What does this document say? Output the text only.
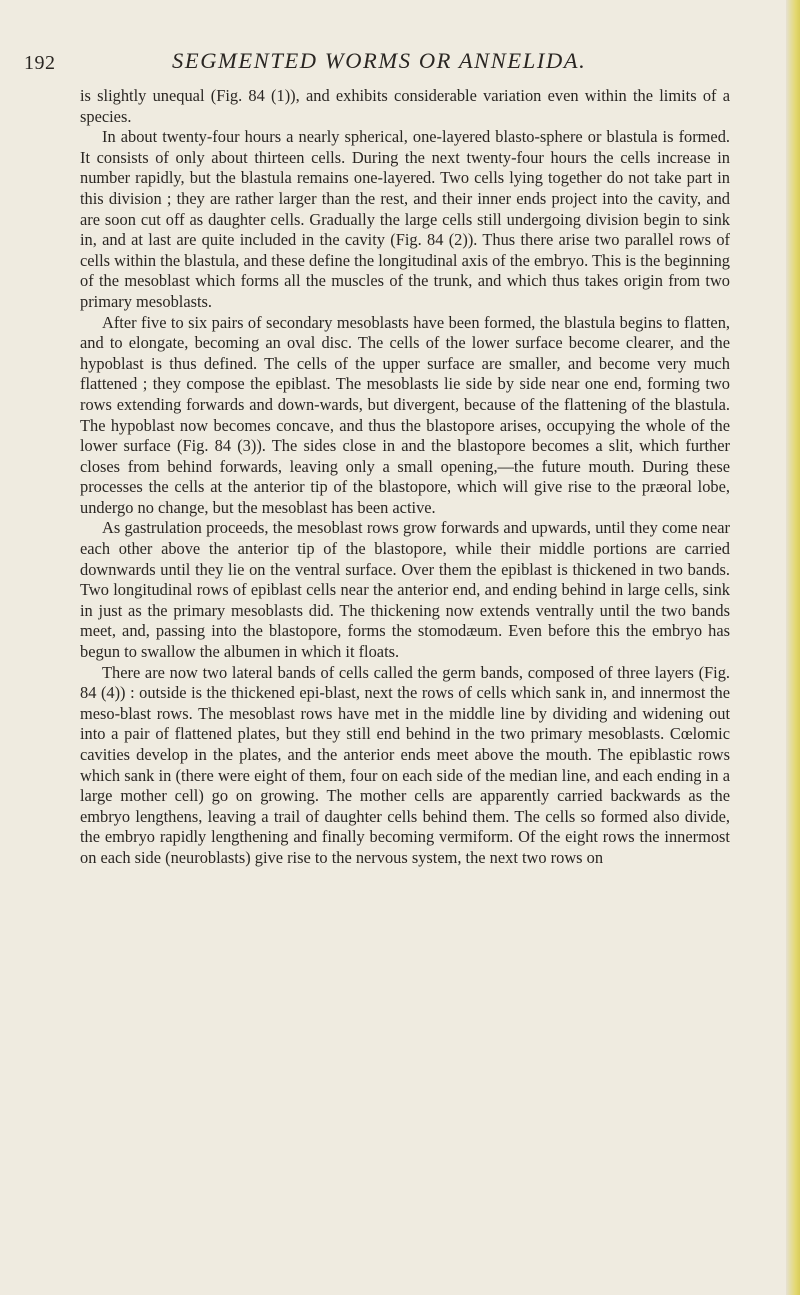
192	SEGMENTED WORMS OR ANNELIDA.

is slightly unequal (Fig. 84 (1)), and exhibits considerable variation even within the limits of a species.

In about twenty-four hours a nearly spherical, one-layered blasto-sphere or blastula is formed. It consists of only about thirteen cells. During the next twenty-four hours the cells increase in number rapidly, but the blastula remains one-layered. Two cells lying together do not take part in this division ; they are rather larger than the rest, and their inner ends project into the cavity, and are soon cut off as daughter cells. Gradually the large cells still undergoing division begin to sink in, and at last are quite included in the cavity (Fig. 84 (2)). Thus there arise two parallel rows of cells within the blastula, and these define the longitudinal axis of the embryo. This is the beginning of the mesoblast which forms all the muscles of the trunk, and which thus takes origin from two primary mesoblasts.

After five to six pairs of secondary mesoblasts have been formed, the blastula begins to flatten, and to elongate, becoming an oval disc. The cells of the lower surface become clearer, and the hypoblast is thus defined. The cells of the upper surface are smaller, and become very much flattened ; they compose the epiblast. The mesoblasts lie side by side near one end, forming two rows extending forwards and down-wards, but divergent, because of the flattening of the blastula. The hypoblast now becomes concave, and thus the blastopore arises, occupying the whole of the lower surface (Fig. 84 (3)). The sides close in and the blastopore becomes a slit, which further closes from behind forwards, leaving only a small opening,—the future mouth. During these processes the cells at the anterior tip of the blastopore, which will give rise to the præoral lobe, undergo no change, but the mesoblast has been active.

As gastrulation proceeds, the mesoblast rows grow forwards and upwards, until they come near each other above the anterior tip of the blastopore, while their middle portions are carried downwards until they lie on the ventral surface. Over them the epiblast is thickened in two bands. Two longitudinal rows of epiblast cells near the anterior end, and ending behind in large cells, sink in just as the primary mesoblasts did. The thickening now extends ventrally until the two bands meet, and, passing into the blastopore, forms the stomodæum. Even before this the embryo has begun to swallow the albumen in which it floats.

There are now two lateral bands of cells called the germ bands, composed of three layers (Fig. 84 (4)) : outside is the thickened epi-blast, next the rows of cells which sank in, and innermost the meso-blast rows. The mesoblast rows have met in the middle line by dividing and widening out into a pair of flattened plates, but they still end behind in the two primary mesoblasts. Cœlomic cavities develop in the plates, and the anterior ends meet above the mouth. The epiblastic rows which sank in (there were eight of them, four on each side of the median line, and each ending in a large mother cell) go on growing. The mother cells are apparently carried backwards as the embryo lengthens, leaving a trail of daughter cells behind them. The cells so formed also divide, the embryo rapidly lengthening and finally becoming vermiform. Of the eight rows the innermost on each side (neuroblasts) give rise to the nervous system, the next two rows on
